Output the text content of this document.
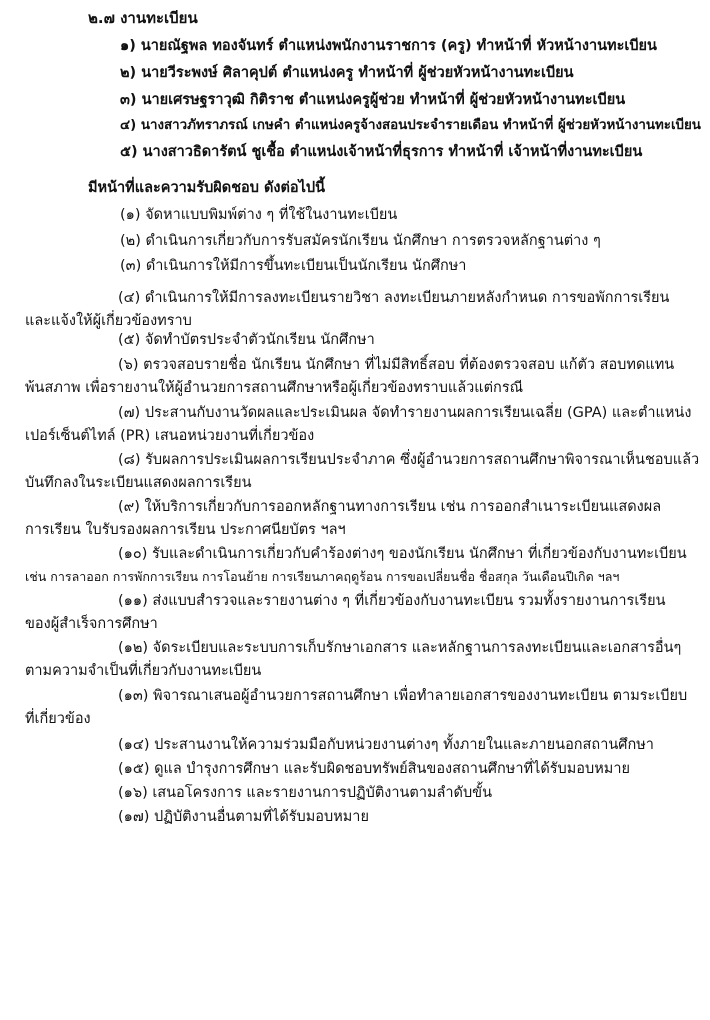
๒.๗ งานทะเบียน

๑) นายณัฐพล ทองจันทร์ ตำแหน่งพนักงานราชการ (ครู) ทำหน้าที่ หัวหน้างานทะเบียน

๒) นายวีระพงษ์ ศิลาคุปต์ ตำแหน่งครู ทำหน้าที่ ผู้ช่วยหัวหน้างานทะเบียน

๓) นายเศรษฐราวุฒิ กิติราช ตำแหน่งครูผู้ช่วย ทำหน้าที่ ผู้ช่วยหัวหน้างานทะเบียน

๔) นางสาวภัทราภรณ์ เกษคำ ตำแหน่งครูจ้างสอนประจำรายเดือน ทำหน้าที่ ผู้ช่วยหัวหน้างานทะเบียน

๕) นางสาวธิดารัตน์ ชูเชื้อ ตำแหน่งเจ้าหน้าที่ธุรการ ทำหน้าที่ เจ้าหน้าที่งานทะเบียน

มีหน้าที่และความรับผิดชอบ ดังต่อไปนี้

(๑) จัดหาแบบพิมพ์ต่าง ๆ ที่ใช้ในงานทะเบียน

(๒) ดำเนินการเกี่ยวกับการรับสมัครนักเรียน นักศึกษา การตรวจหลักฐานต่าง ๆ

(๓) ดำเนินการให้มีการขึ้นทะเบียนเป็นนักเรียน นักศึกษา

(๔) ดำเนินการให้มีการลงทะเบียนรายวิชา ลงทะเบียนภายหลังกำหนด การขอพักการเรียน

และแจ้งให้ผู้เกี่ยวข้องทราบ

(๕) จัดทำบัตรประจำตัวนักเรียน นักศึกษา

(๖) ตรวจสอบรายชื่อ นักเรียน นักศึกษา ที่ไม่มีสิทธิ์สอบ ที่ต้องตรวจสอบ แก้ตัว สอบทดแทน

พ้นสภาพ เพื่อรายงานให้ผู้อำนวยการสถานศึกษาหรือผู้เกี่ยวข้องทราบแล้วแต่กรณี

(๗) ประสานกับงานวัดผลและประเมินผล จัดทำรายงานผลการเรียนเฉลี่ย (GPA) และตำแหน่ง

เปอร์เซ็นต์ไทล์ (PR) เสนอหน่วยงานที่เกี่ยวข้อง

(๘) รับผลการประเมินผลการเรียนประจำภาค ซึ่งผู้อำนวยการสถานศึกษาพิจารณาเห็นชอบแล้ว

บันทึกลงในระเบียนแสดงผลการเรียน

(๙) ให้บริการเกี่ยวกับการออกหลักฐานทางการเรียน เช่น การออกสำเนาระเบียนแสดงผล

การเรียน ใบรับรองผลการเรียน ประกาศนียบัตร ฯลฯ

(๑๐) รับและดำเนินการเกี่ยวกับคำร้องต่างๆ ของนักเรียน นักศึกษา ที่เกี่ยวข้องกับงานทะเบียน

เช่น การลาออก การพักการเรียน การโอนย้าย การเรียนภาคฤดูร้อน การขอเปลี่ยนชื่อ ชื่อสกุล วันเดือนปีเกิด ฯลฯ

(๑๑) ส่งแบบสำรวจและรายงานต่าง ๆ ที่เกี่ยวข้องกับงานทะเบียน รวมทั้งรายงานการเรียน

ของผู้สำเร็จการศึกษา

(๑๒) จัดระเบียบและระบบการเก็บรักษาเอกสาร และหลักฐานการลงทะเบียนและเอกสารอื่นๆ

ตามความจำเป็นที่เกี่ยวกับงานทะเบียน

(๑๓) พิจารณาเสนอผู้อำนวยการสถานศึกษา เพื่อทำลายเอกสารของงานทะเบียน ตามระเบียบ

ที่เกี่ยวข้อง

(๑๔) ประสานงานให้ความร่วมมือกับหน่วยงานต่างๆ ทั้งภายในและภายนอกสถานศึกษา

(๑๕) ดูแล บำรุงการศึกษา และรับผิดชอบทรัพย์สินของสถานศึกษาที่ได้รับมอบหมาย

(๑๖) เสนอโครงการ และรายงานการปฏิบัติงานตามลำดับขั้น

(๑๗) ปฏิบัติงานอื่นตามที่ได้รับมอบหมาย
